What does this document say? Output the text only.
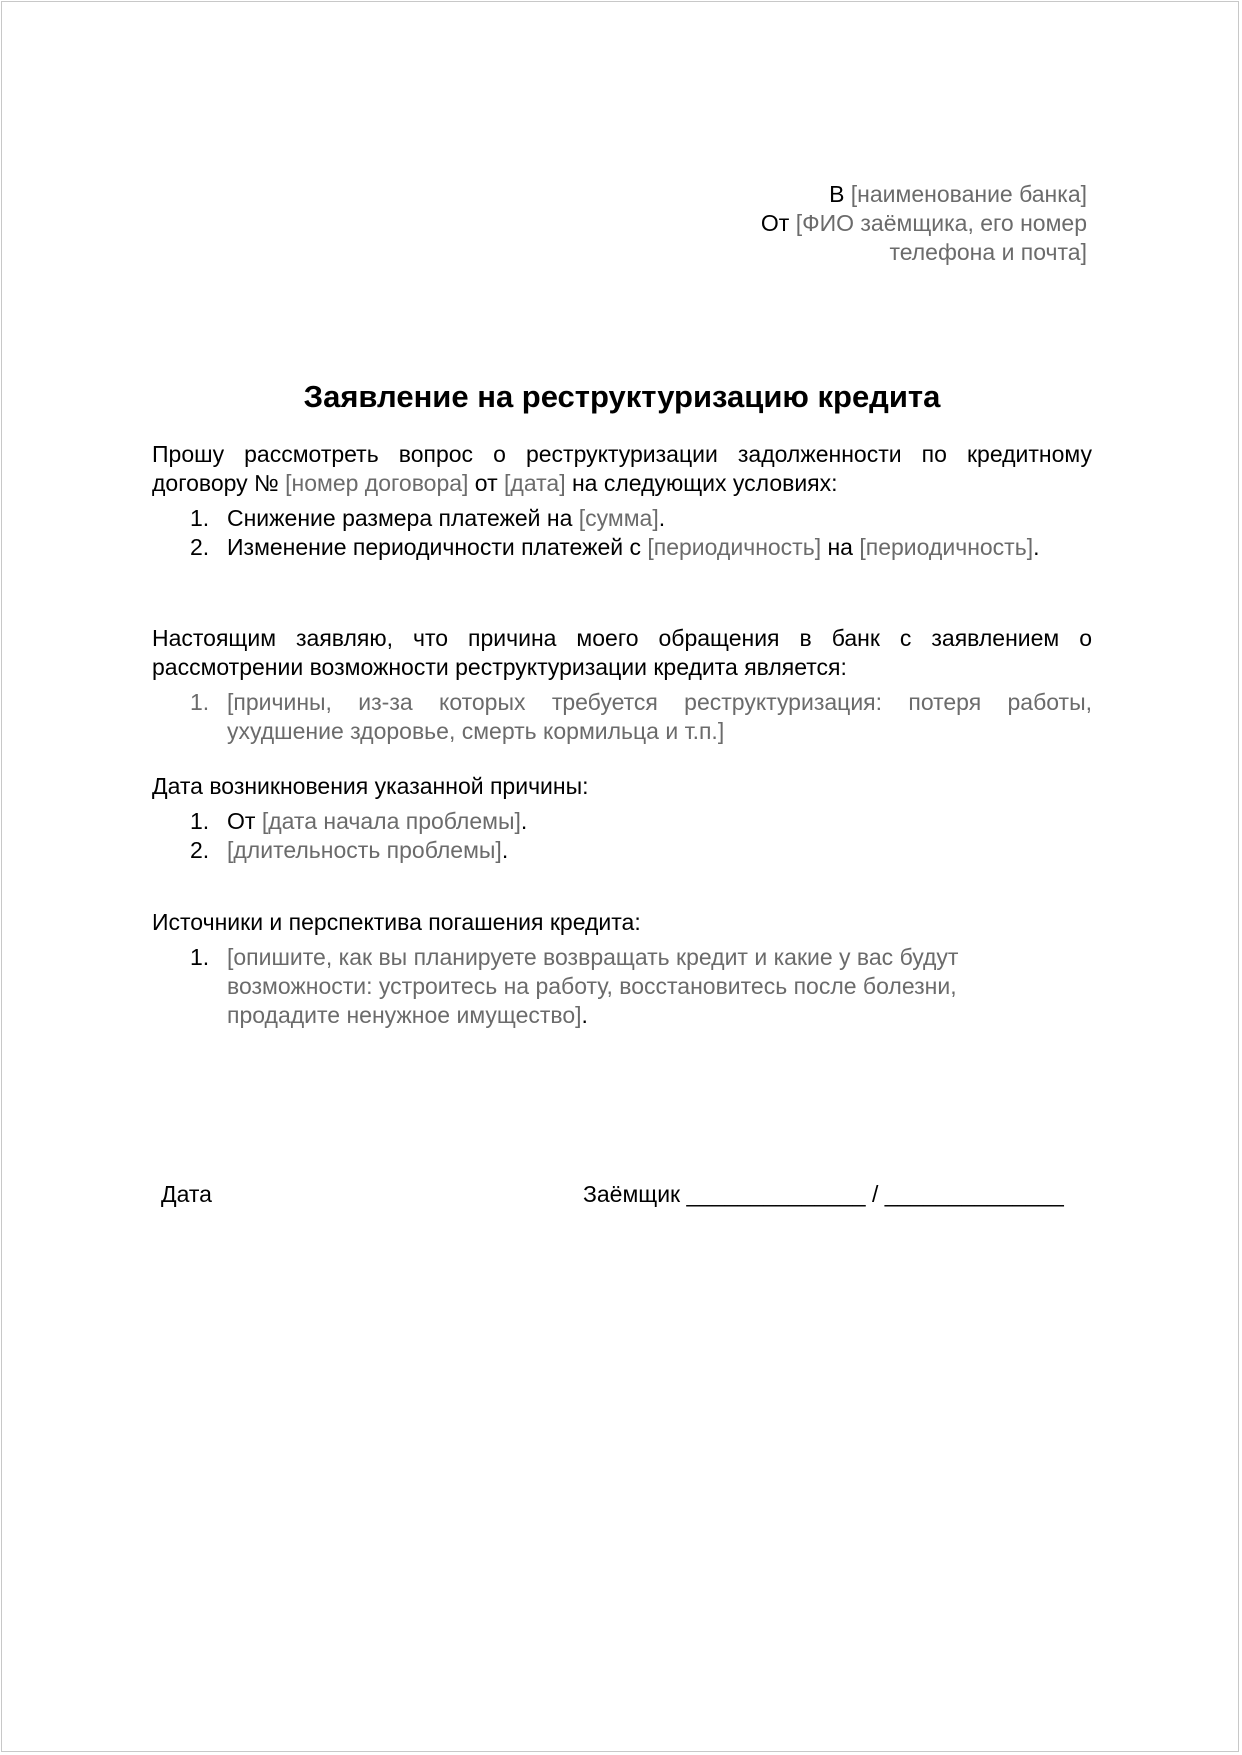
В [наименование банка]
От [ФИО заёмщика, его номер
телефона и почта]
Заявление на реструктуризацию кредита
Прошу рассмотреть вопрос о реструктуризации задолженности по кредитному договору № [номер договора] от [дата] на следующих условиях:
1. Снижение размера платежей на [сумма].
2. Изменение периодичности платежей с [периодичность] на [периодичность].
Настоящим заявляю, что причина моего обращения в банк с заявлением о рассмотрении возможности реструктуризации кредита является:
1. [причины, из-за которых требуется реструктуризация: потеря работы, ухудшение здоровье, смерть кормильца и т.п.]
Дата возникновения указанной причины:
1. От [дата начала проблемы].
2. [длительность проблемы].
Источники и перспектива погашения кредита:
1. [опишите, как вы планируете возвращать кредит и какие у вас будут возможности: устроитесь на работу, восстановитесь после болезни, продадите ненужное имущество].
Дата	Заёмщик ______________ / ______________
